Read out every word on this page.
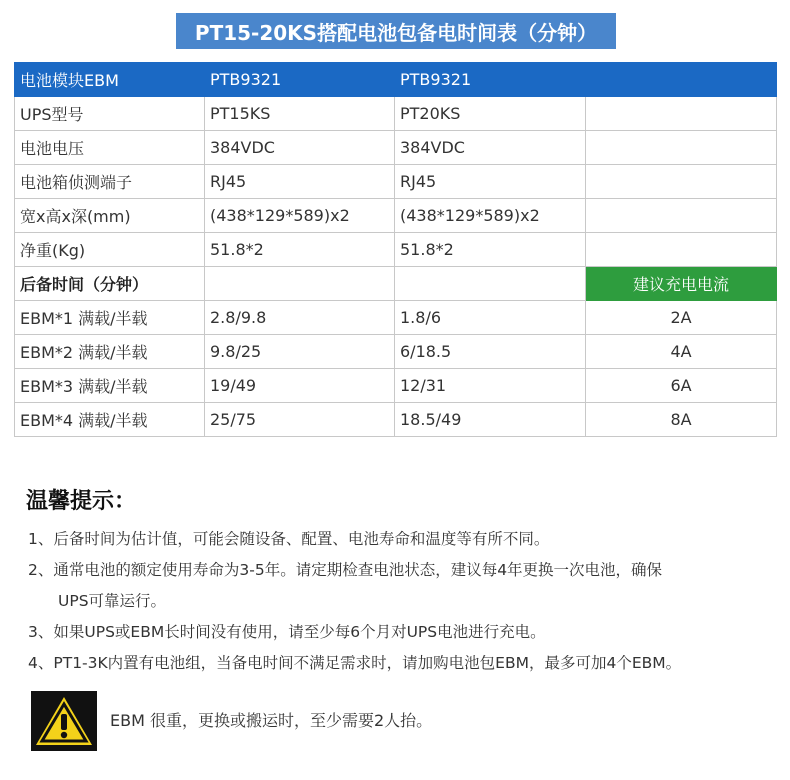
PT15-20KS搭配电池包备电时间表（分钟）
电池模块EBM	PTB9321	PTB9321	
UPS型号	PT15KS	PT20KS	
电池电压	384VDC	384VDC	
电池箱侦测端子	RJ45	RJ45	
宽x高x深(mm)	(438*129*589)x2	(438*129*589)x2	
净重(Kg)	51.8*2	51.8*2	
后备时间（分钟）			建议充电电流
EBM*1 满载/半载	2.8/9.8	1.8/6	2A
EBM*2 满载/半载	9.8/25	6/18.5	4A
EBM*3 满载/半载	19/49	12/31	6A
EBM*4 满载/半载	25/75	18.5/49	8A
温馨提示：
1、 后备时间为估计值，可能会随设备、配置、电池寿命和温度等有所不同。
2、 通常电池的额定使用寿命为3-5年。请定期检查电池状态，建议每4年更换一次电池，确保
UPS可靠运行。
3、 如果UPS或EBM长时间没有使用，请至少每6个月对UPS电池进行充电。
4、 PT1-3K内置有电池组，当备电时间不满足需求时，请加购电池包EBM，最多可加4个EBM。
EBM 很重，更换或搬运时，至少需要2人抬。
